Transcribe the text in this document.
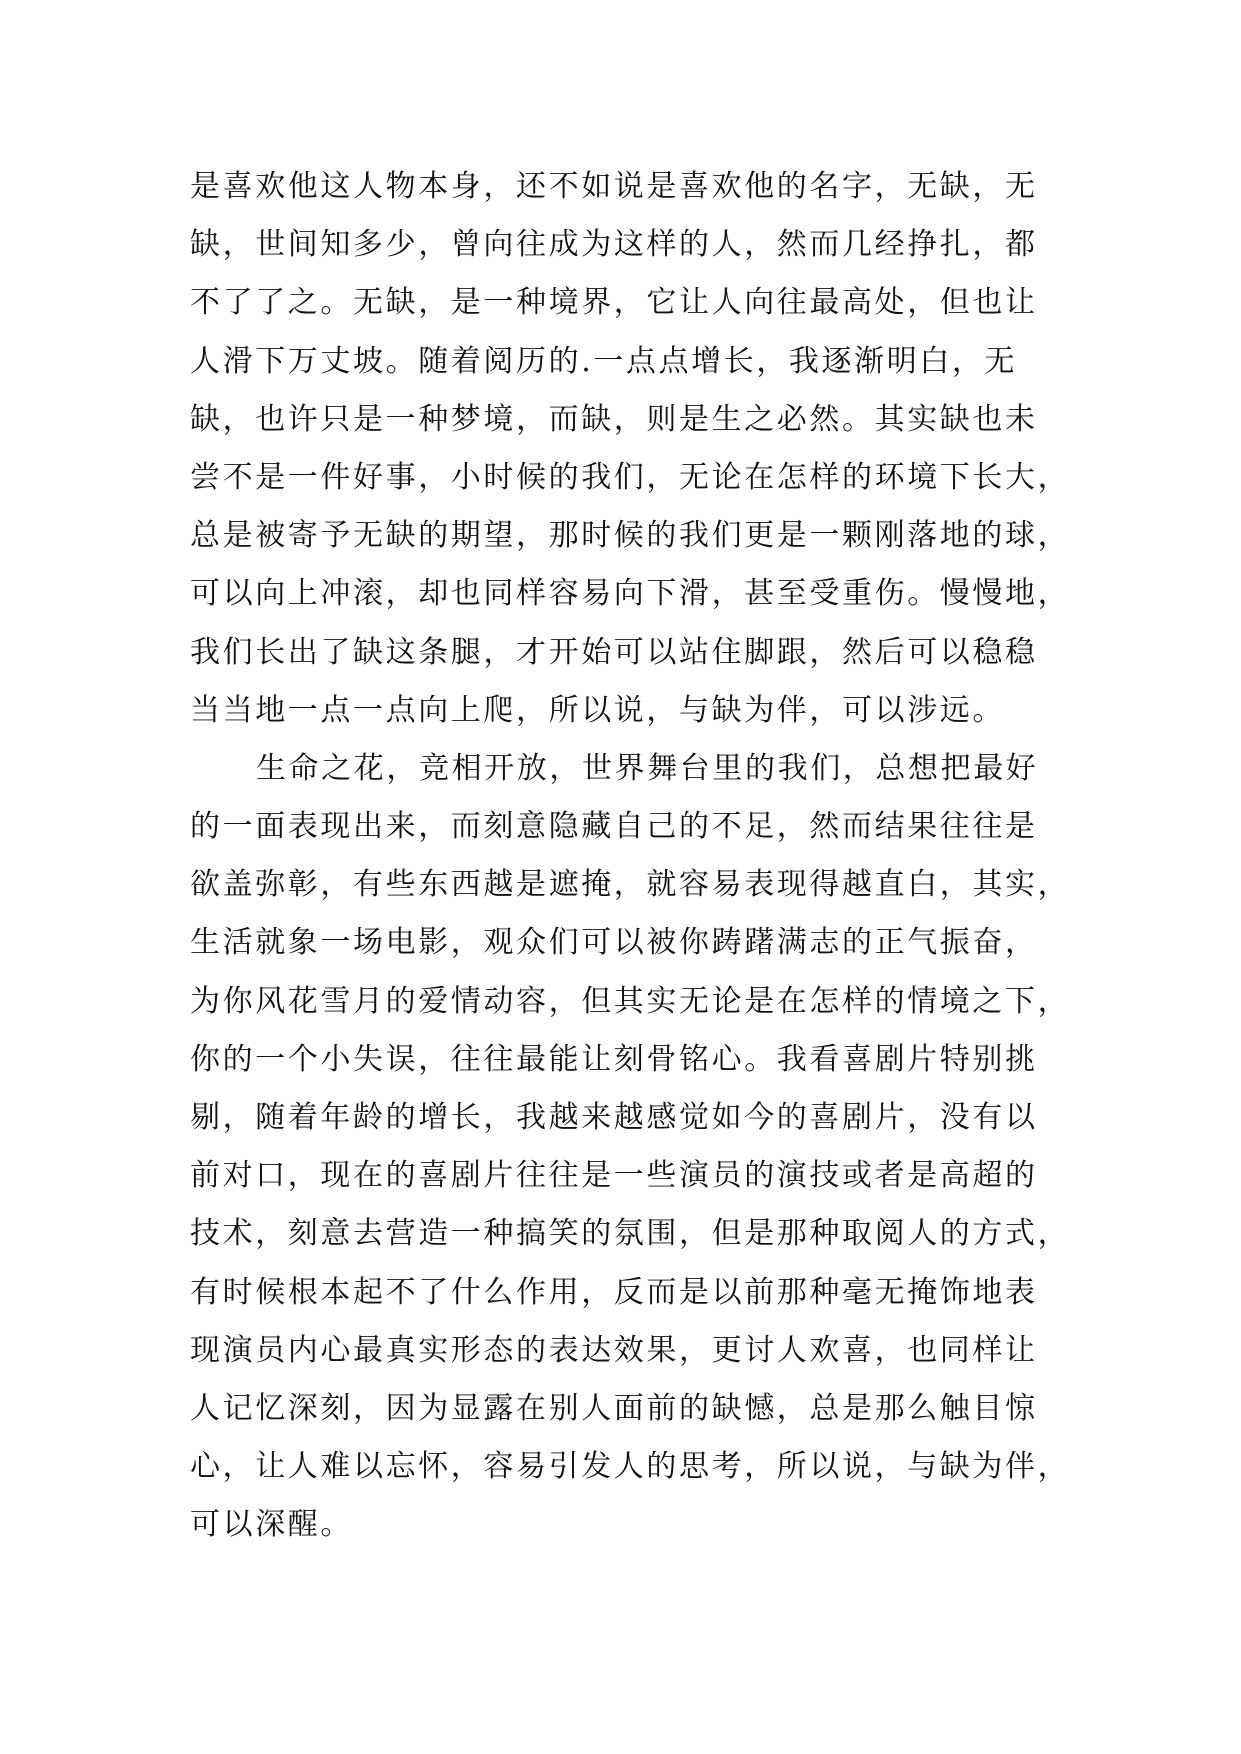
是喜欢他这人物本身，还不如说是喜欢他的名字，无缺，无
缺，世间知多少，曾向往成为这样的人，然而几经挣扎，都
不了了之。无缺，是一种境界，它让人向往最高处，但也让
人滑下万丈坡。随着阅历的.一点点增长，我逐渐明白，无
缺，也许只是一种梦境，而缺，则是生之必然。其实缺也未
尝不是一件好事，小时候的我们，无论在怎样的环境下长大，
总是被寄予无缺的期望，那时候的我们更是一颗刚落地的球，
可以向上冲滚，却也同样容易向下滑，甚至受重伤。慢慢地，
我们长出了缺这条腿，才开始可以站住脚跟，然后可以稳稳
当当地一点一点向上爬，所以说，与缺为伴，可以涉远。
生命之花，竞相开放，世界舞台里的我们，总想把最好
的一面表现出来，而刻意隐藏自己的不足，然而结果往往是
欲盖弥彰，有些东西越是遮掩，就容易表现得越直白，其实，
生活就象一场电影，观众们可以被你踌躇满志的正气振奋，
为你风花雪月的爱情动容，但其实无论是在怎样的情境之下，
你的一个小失误，往往最能让刻骨铭心。我看喜剧片特别挑
剔，随着年龄的增长，我越来越感觉如今的喜剧片，没有以
前对口，现在的喜剧片往往是一些演员的演技或者是高超的
技术，刻意去营造一种搞笑的氛围，但是那种取阅人的方式，
有时候根本起不了什么作用，反而是以前那种毫无掩饰地表
现演员内心最真实形态的表达效果，更讨人欢喜，也同样让
人记忆深刻，因为显露在别人面前的缺憾，总是那么触目惊
心，让人难以忘怀，容易引发人的思考，所以说，与缺为伴，
可以深醒。
